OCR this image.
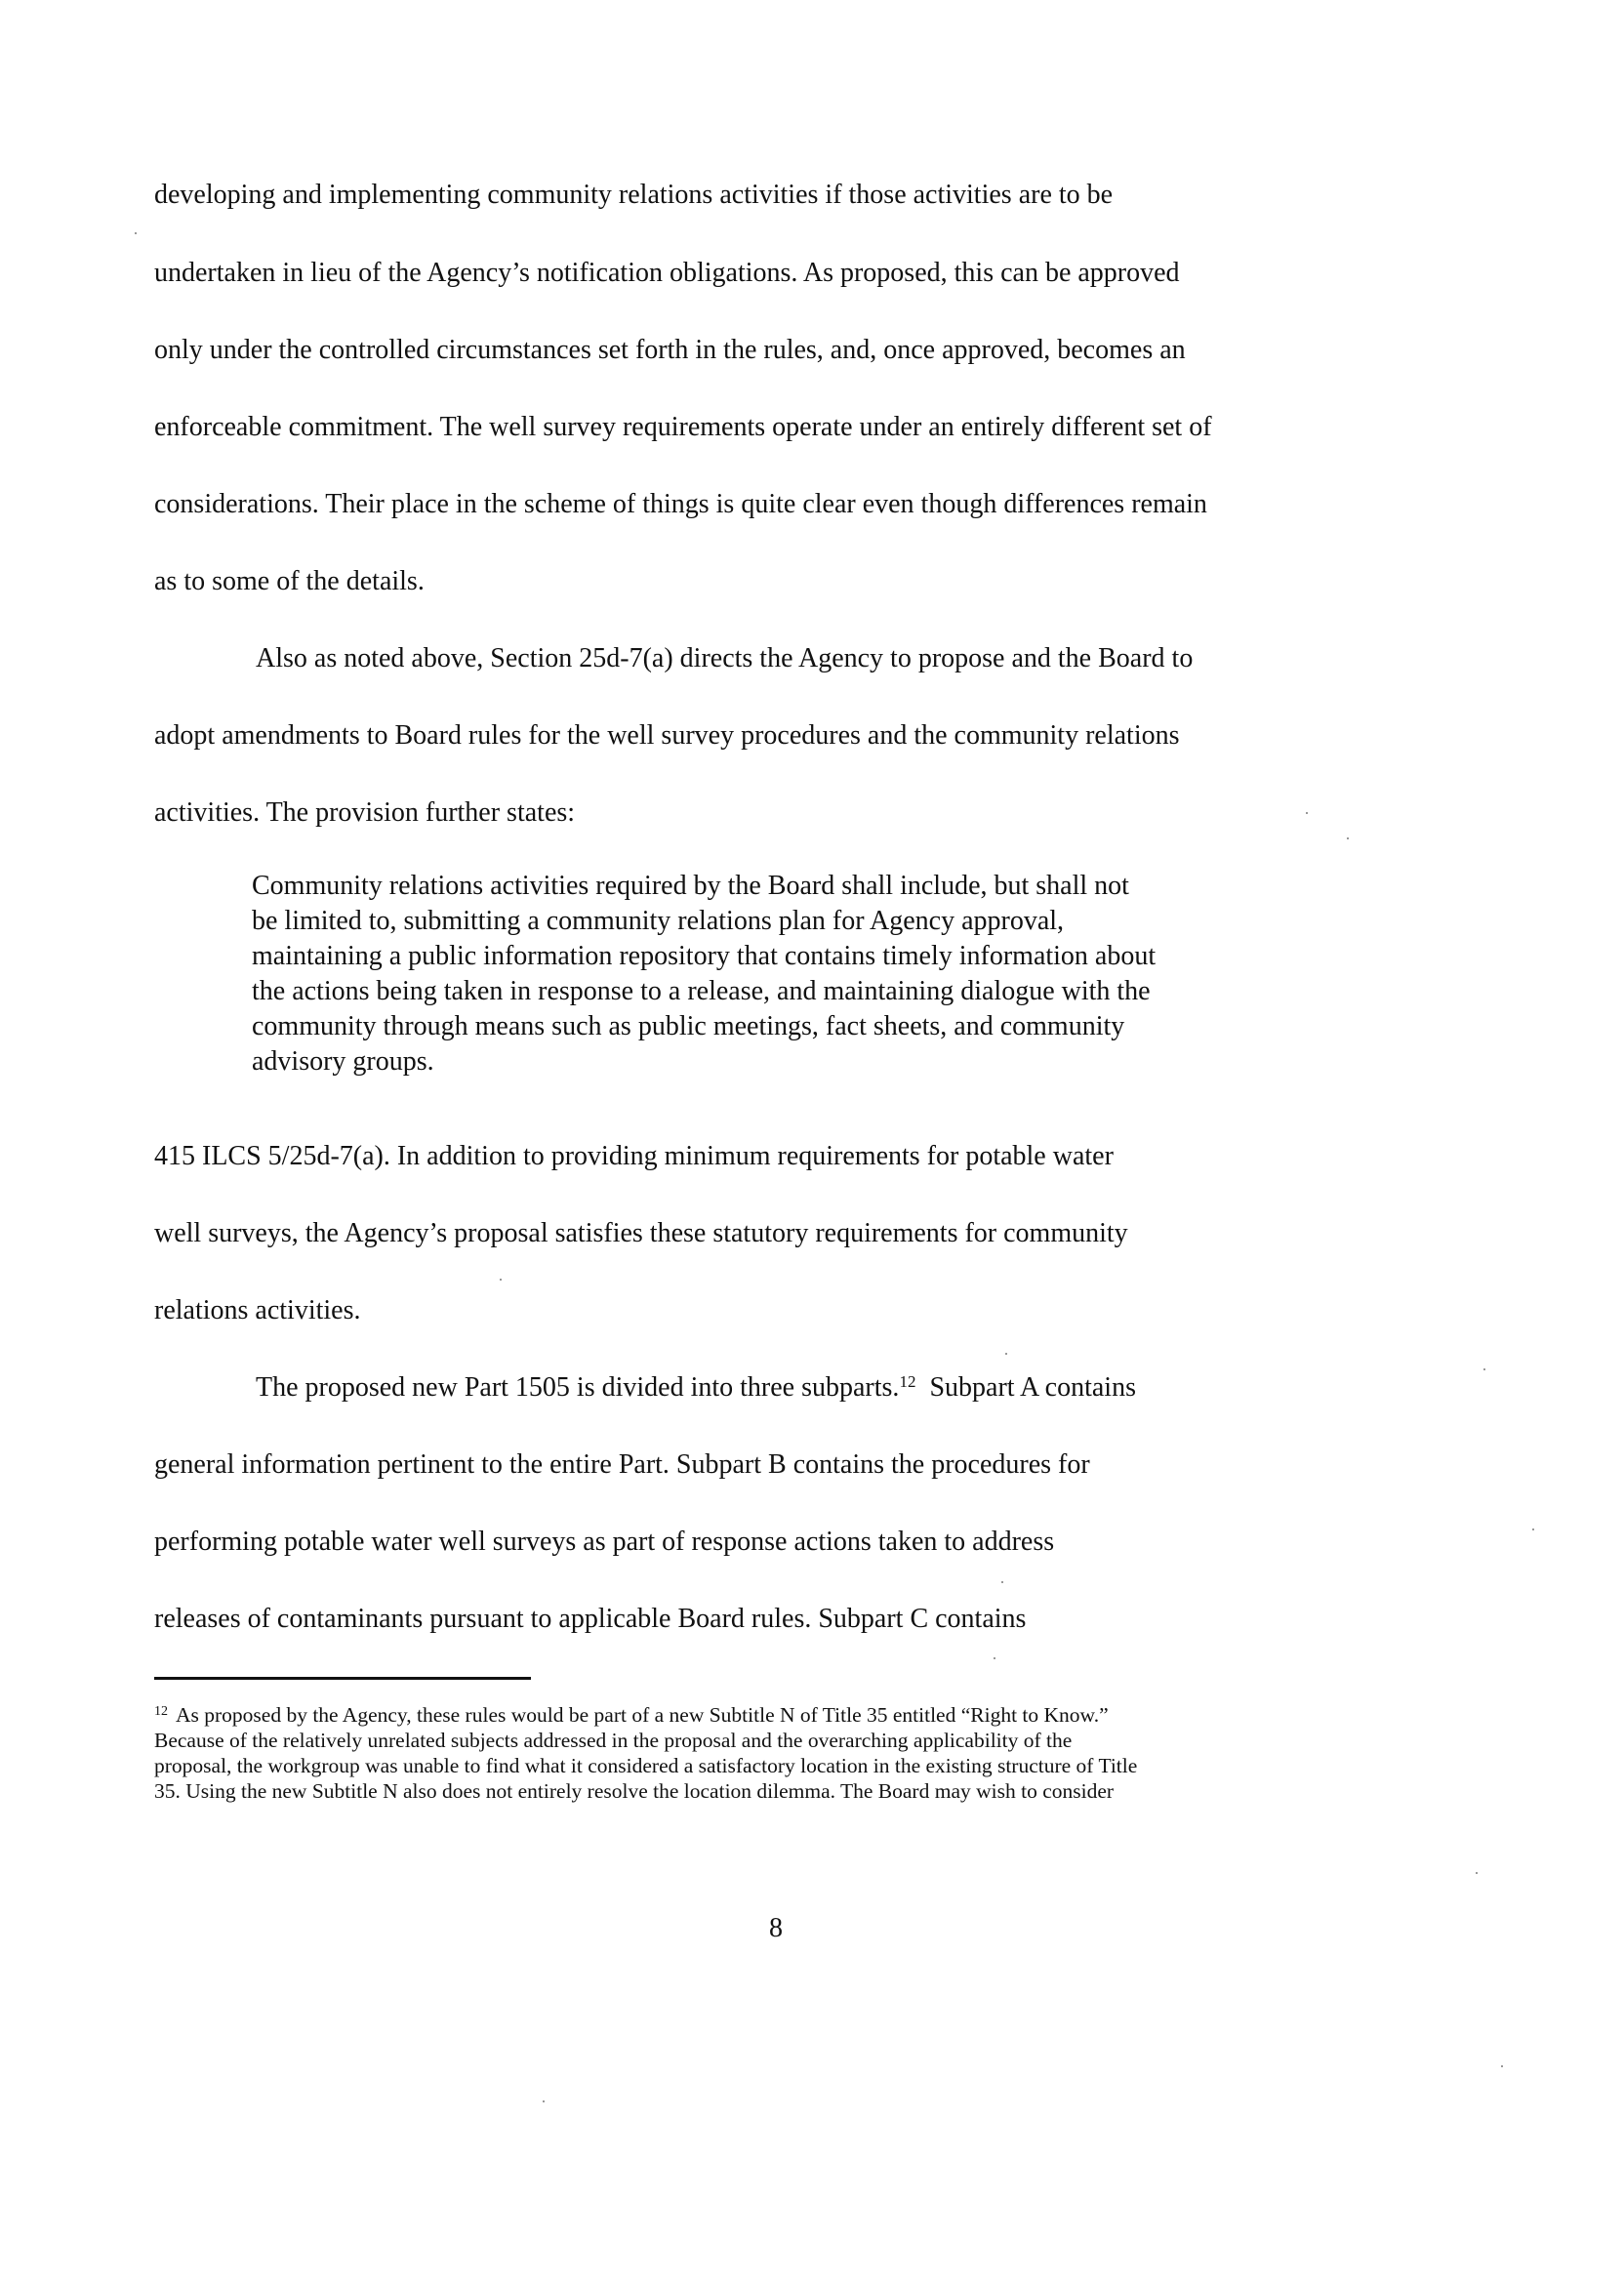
developing and implementing community relations activities if those activities are to be
undertaken in lieu of the Agency’s notification obligations. As proposed, this can be approved
only under the controlled circumstances set forth in the rules, and, once approved, becomes an
enforceable commitment. The well survey requirements operate under an entirely different set of
considerations. Their place in the scheme of things is quite clear even though differences remain
as to some of the details.
Also as noted above, Section 25d-7(a) directs the Agency to propose and the Board to
adopt amendments to Board rules for the well survey procedures and the community relations
activities. The provision further states:
Community relations activities required by the Board shall include, but shall not
be limited to, submitting a community relations plan for Agency approval,
maintaining a public information repository that contains timely information about
the actions being taken in response to a release, and maintaining dialogue with the
community through means such as public meetings, fact sheets, and community
advisory groups.
415 ILCS 5/25d-7(a). In addition to providing minimum requirements for potable water
well surveys, the Agency’s proposal satisfies these statutory requirements for community
relations activities.
The proposed new Part 1505 is divided into three subparts.$^{12}$  Subpart A contains
general information pertinent to the entire Part. Subpart B contains the procedures for
performing potable water well surveys as part of response actions taken to address
releases of contaminants pursuant to applicable Board rules. Subpart C contains
$^{12}$ As proposed by the Agency, these rules would be part of a new Subtitle N of Title 35 entitled “Right to Know.”
Because of the relatively unrelated subjects addressed in the proposal and the overarching applicability of the
proposal, the workgroup was unable to find what it considered a satisfactory location in the existing structure of Title
35. Using the new Subtitle N also does not entirely resolve the location dilemma. The Board may wish to consider
8
